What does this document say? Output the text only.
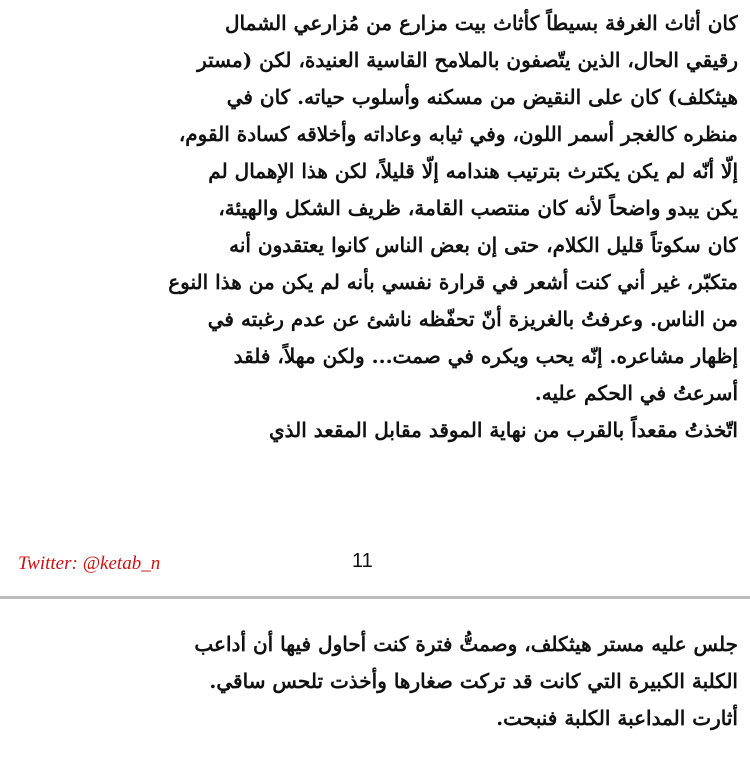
كان أثاث الغرفة بسيطاً كأثاث بيت مزارع من مُزارعي الشمال
رقيقي الحال، الذين يتّصفون بالملامح القاسية العنيدة، لكن (مستر
هيثكلف) كان على النقيض من مسكنه وأسلوب حياته. كان في
منظره كالغجر أسمر اللون، وفي ثيابه وعاداته وأخلاقه كسادة القوم،
إلّا أنّه لم يكن يكترث بترتيب هندامه إلّا قليلاً، لكن هذا الإهمال لم
يكن يبدو واضحاً لأنه كان منتصب القامة، ظريف الشكل والهيئة،
كان سكوتاً قليل الكلام، حتى إن بعض الناس كانوا يعتقدون أنه
متكبّر، غير أني كنت أشعر في قرارة نفسي بأنه لم يكن من هذا النوع
من الناس. وعرفتُ بالغريزة أنّ تحفّظه ناشئ عن عدم رغبته في
إظهار مشاعره. إنّه يحب ويكره في صمت... ولكن مهلاً، فلقد
أسرعتُ في الحكم عليه.
اتّخذتُ مقعداً بالقرب من نهاية الموقد مقابل المقعد الذي
Twitter: @ketab_n	11
جلس عليه مستر هيثكلف، وصمتُّ فترة كنت أحاول فيها أن أداعب
الكلبة الكبيرة التي كانت قد تركت صغارها وأخذت تلحس ساقي.
أثارت المداعبة الكلبة فنبحت.
